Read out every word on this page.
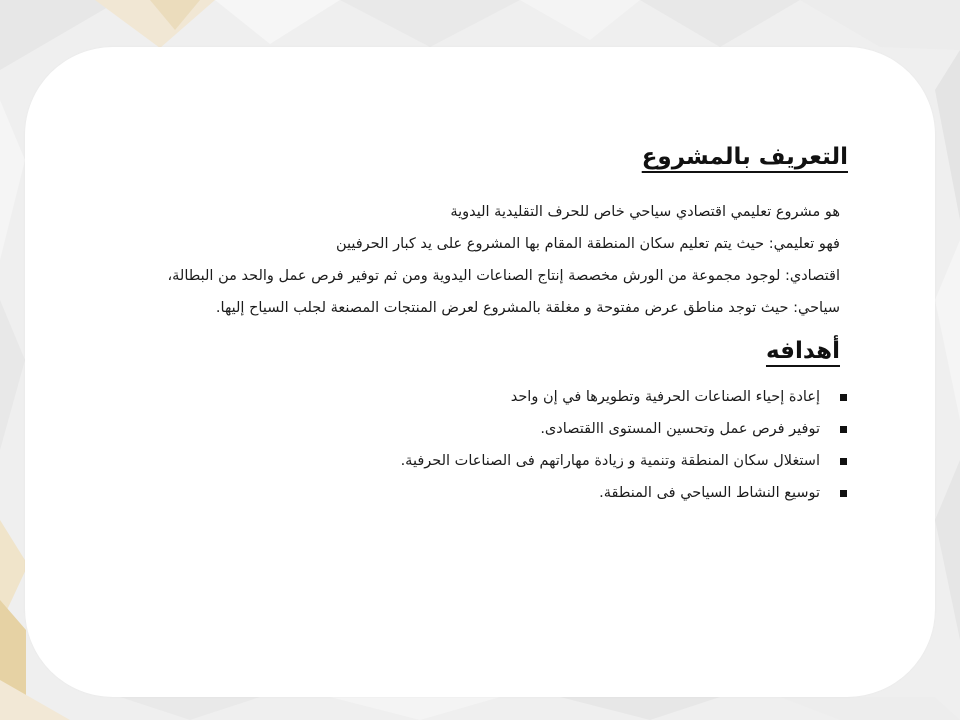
التعريف بالمشروع

هو مشروع تعليمي اقتصادي سياحي خاص للحرف التقليدية اليدوية

فهو تعليمي: حيث يتم تعليم سكان المنطقة المقام بها المشروع على يد كبار الحرفيين

اقتصادي: لوجود مجموعة من الورش مخصصة إنتاج الصناعات اليدوية ومن ثم توفير فرص عمل والحد من البطالة،

سياحي: حيث توجد مناطق عرض مفتوحة و مغلقة بالمشروع لعرض المنتجات المصنعة لجلب السياح إليها.

أهدافه
إعادة إحياء الصناعات الحرفية وتطويرها في إن واحد
توفير فرص عمل وتحسين المستوى االقتصادى.
استغلال سكان المنطقة وتنمية و زيادة مهاراتهم فى الصناعات الحرفية.
توسيع النشاط السياحي فى المنطقة.
